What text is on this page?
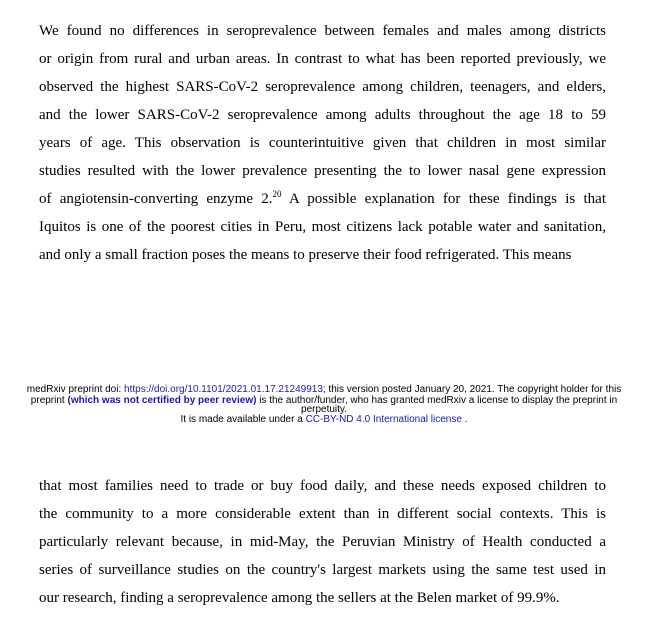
We found no differences in seroprevalence between females and males among districts
or origin from rural and urban areas. In contrast to what has been reported previously, we
observed the highest SARS-CoV-2 seroprevalence among children, teenagers, and elders,
and the lower SARS-CoV-2 seroprevalence among adults throughout the age 18 to 59
years of age. This observation is counterintuitive given that children in most similar
studies resulted with the lower prevalence presenting the to lower nasal gene expression
of angiotensin-converting enzyme 2.20 A possible explanation for these findings is that
Iquitos is one of the poorest cities in Peru, most citizens lack potable water and sanitation,
and only a small fraction poses the means to preserve their food refrigerated. This means
medRxiv preprint doi: https://doi.org/10.1101/2021.01.17.21249913; this version posted January 20, 2021. The copyright holder for this
preprint (which was not certified by peer review) is the author/funder, who has granted medRxiv a license to display the preprint in
perpetuity.
It is made available under a CC-BY-ND 4.0 International license .
that most families need to trade or buy food daily, and these needs exposed children to
the community to a more considerable extent than in different social contexts. This is
particularly relevant because, in mid-May, the Peruvian Ministry of Health conducted a
series of surveillance studies on the country's largest markets using the same test used in
our research, finding a seroprevalence among the sellers at the Belen market of 99.9%.
